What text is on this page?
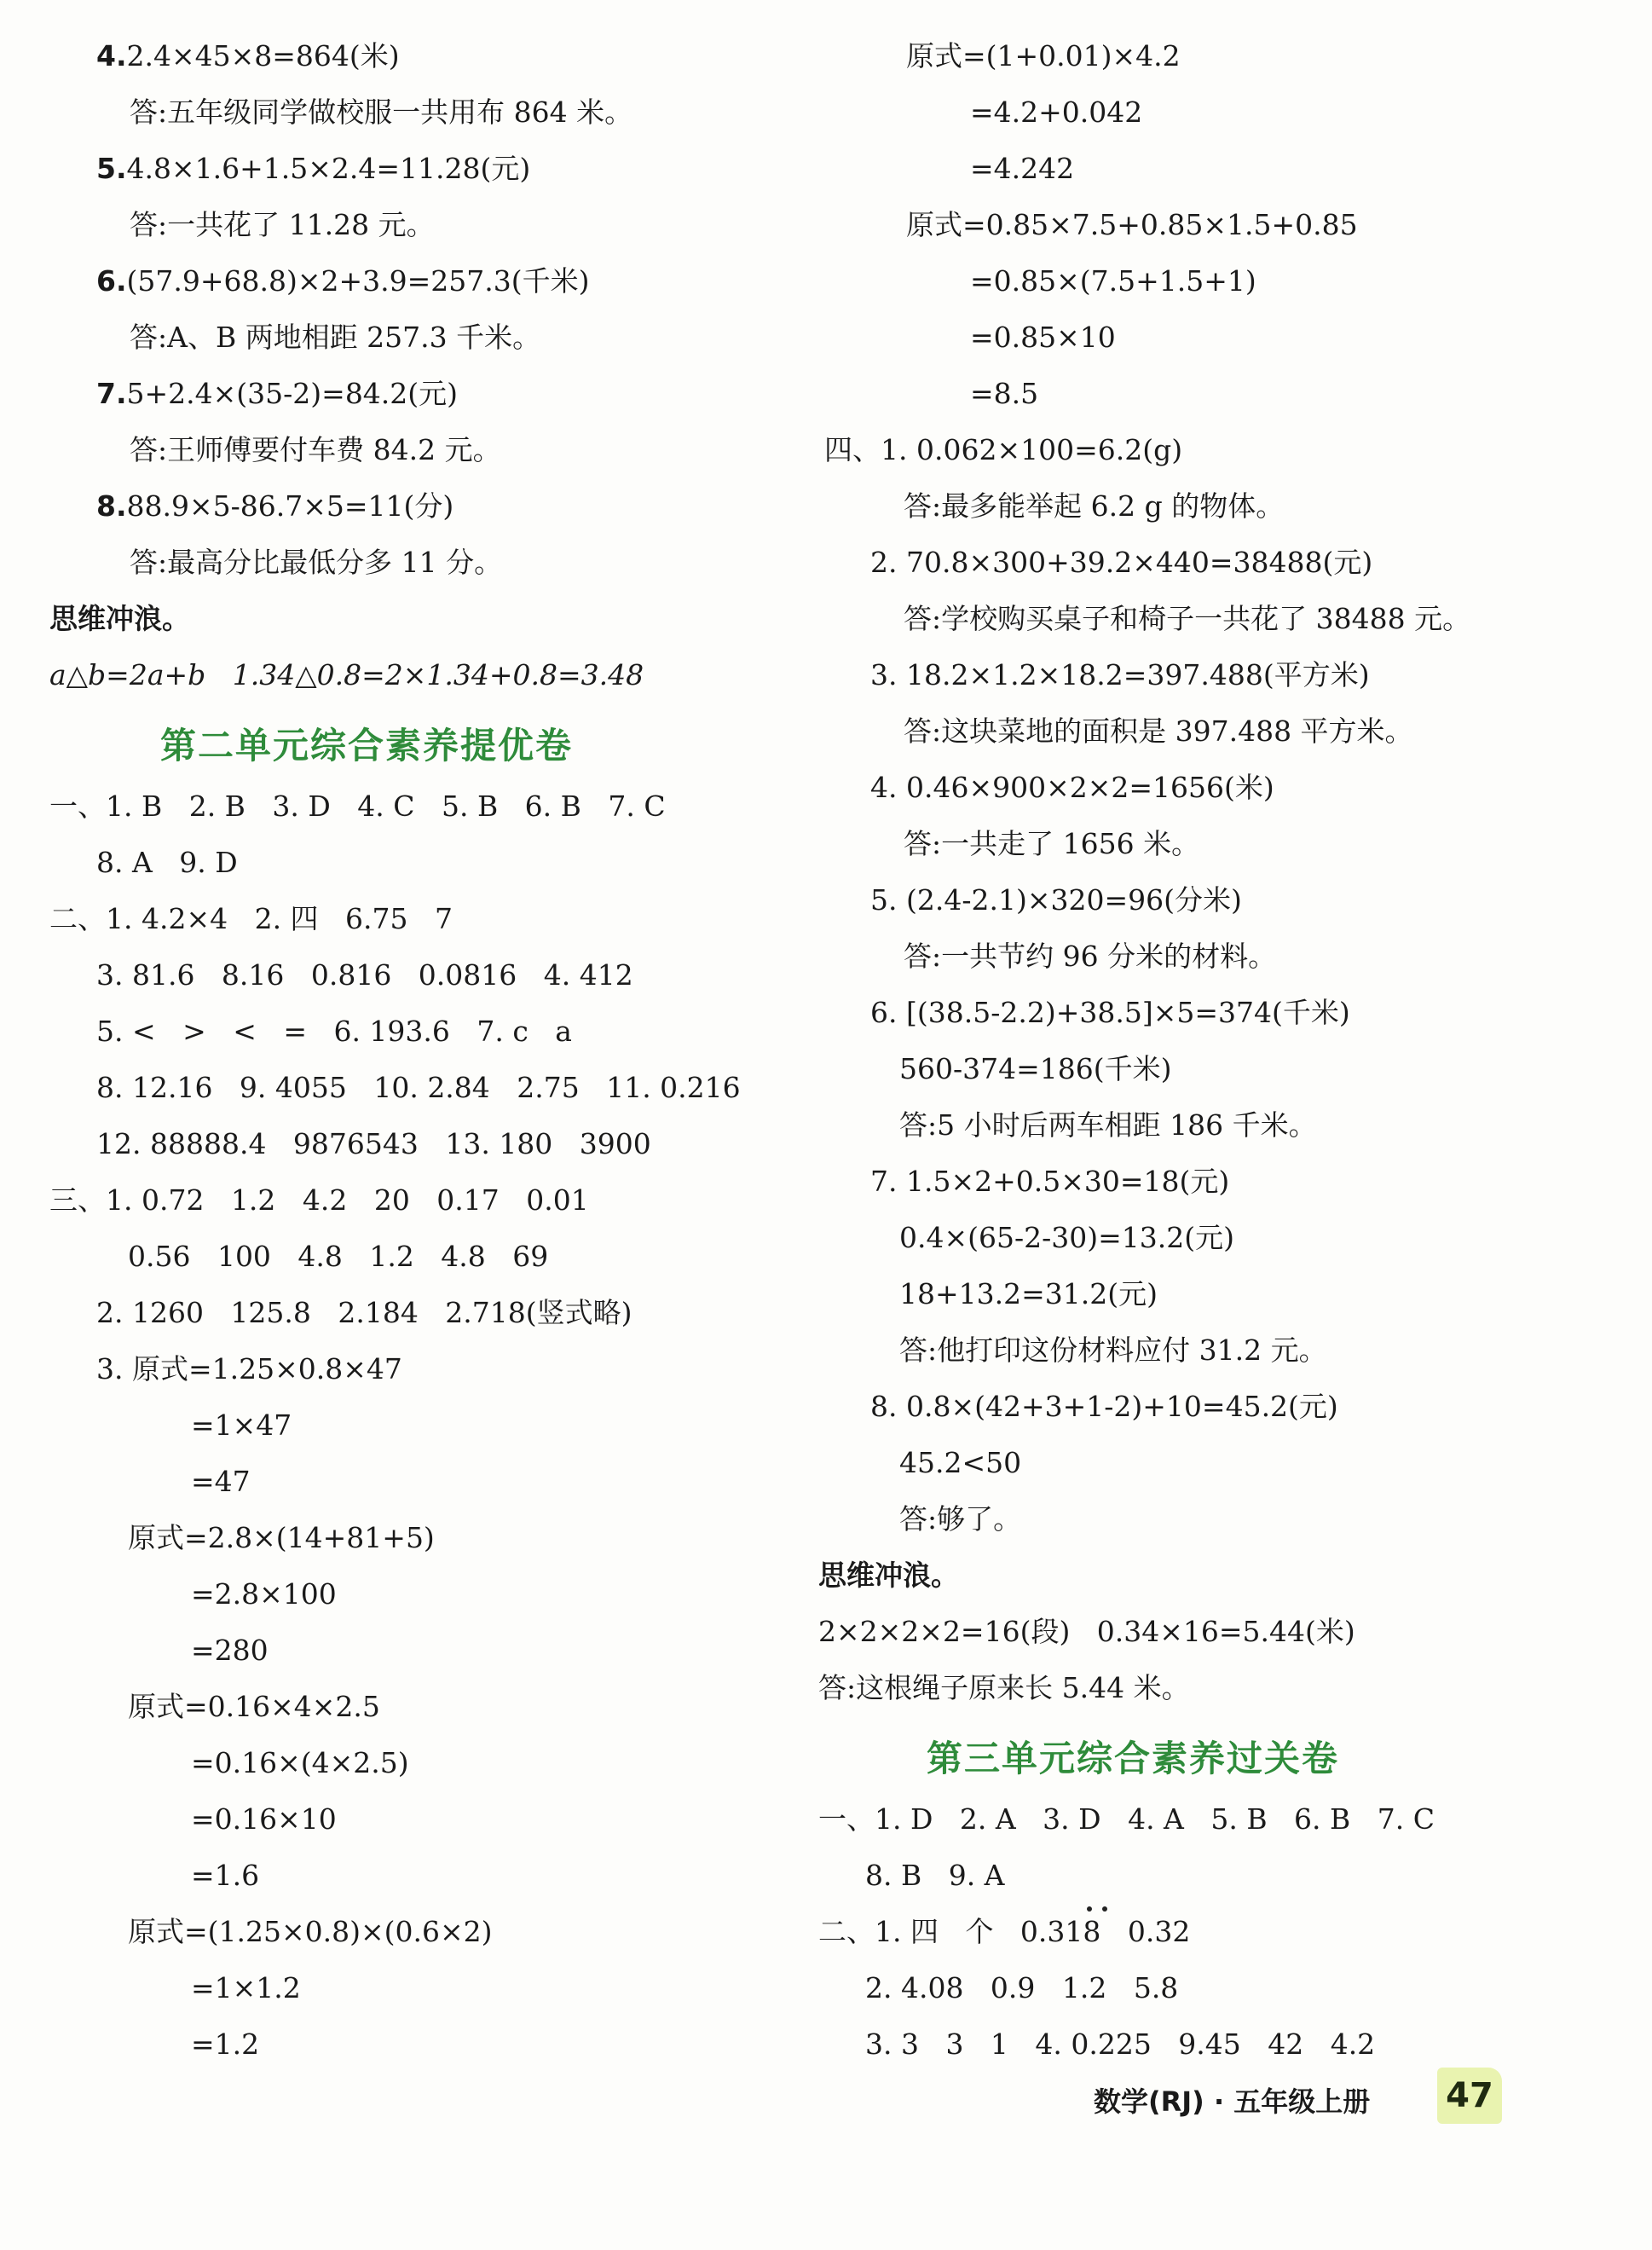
4.2.4×45×8=864(米)
答:五年级同学做校服一共用布 864 米。
5.4.8×1.6+1.5×2.4=11.28(元)
答:一共花了 11.28 元。
6.(57.9+68.8)×2+3.9=257.3(千米)
答:A、B 两地相距 257.3 千米。
7.5+2.4×(35-2)=84.2(元)
答:王师傅要付车费 84.2 元。
8.88.9×5-86.7×5=11(分)
答:最高分比最低分多 11 分。
思维冲浪。
a△b=2a+b   1.34△0.8=2×1.34+0.8=3.48
第二单元综合素养提优卷
一、1. B   2. B   3. D   4. C   5. B   6. B   7. C
8. A   9. D
二、1. 4.2×4   2. 四   6.75   7
3. 81.6   8.16   0.816   0.0816   4. 412
5. <   >   <   =   6. 193.6   7. c   a
8. 12.16   9. 4055   10. 2.84   2.75   11. 0.216
12. 88888.4   9876543   13. 180   3900
三、1. 0.72   1.2   4.2   20   0.17   0.01
0.56   100   4.8   1.2   4.8   69
2. 1260   125.8   2.184   2.718(竖式略)
3. 原式=1.25×0.8×47
=1×47
=47
原式=2.8×(14+81+5)
=2.8×100
=280
原式=0.16×4×2.5
=0.16×(4×2.5)
=0.16×10
=1.6
原式=(1.25×0.8)×(0.6×2)
=1×1.2
=1.2
原式=(1+0.01)×4.2
=4.2+0.042
=4.242
原式=0.85×7.5+0.85×1.5+0.85
=0.85×(7.5+1.5+1)
=0.85×10
=8.5
四、1. 0.062×100=6.2(g)
答:最多能举起 6.2 g 的物体。
2. 70.8×300+39.2×440=38488(元)
答:学校购买桌子和椅子一共花了 38488 元。
3. 18.2×1.2×18.2=397.488(平方米)
答:这块菜地的面积是 397.488 平方米。
4. 0.46×900×2×2=1656(米)
答:一共走了 1656 米。
5. (2.4-2.1)×320=96(分米)
答:一共节约 96 分米的材料。
6. [(38.5-2.2)+38.5]×5=374(千米)
560-374=186(千米)
答:5 小时后两车相距 186 千米。
7. 1.5×2+0.5×30=18(元)
0.4×(65-2-30)=13.2(元)
18+13.2=31.2(元)
答:他打印这份材料应付 31.2 元。
8. 0.8×(42+3+1-2)+10=45.2(元)
45.2<50
答:够了。
思维冲浪。
2×2×2×2=16(段)   0.34×16=5.44(米)
答:这根绳子原来长 5.44 米。
第三单元综合素养过关卷
一、1. D   2. A   3. D   4. A   5. B   6. B   7. C
8. B   9. A
二、1. 四   个   0.318   0.32
2. 4.08   0.9   1.2   5.8
3. 3   3   1   4. 0.225   9.45   42   4.2
数学(RJ) · 五年级上册 47
